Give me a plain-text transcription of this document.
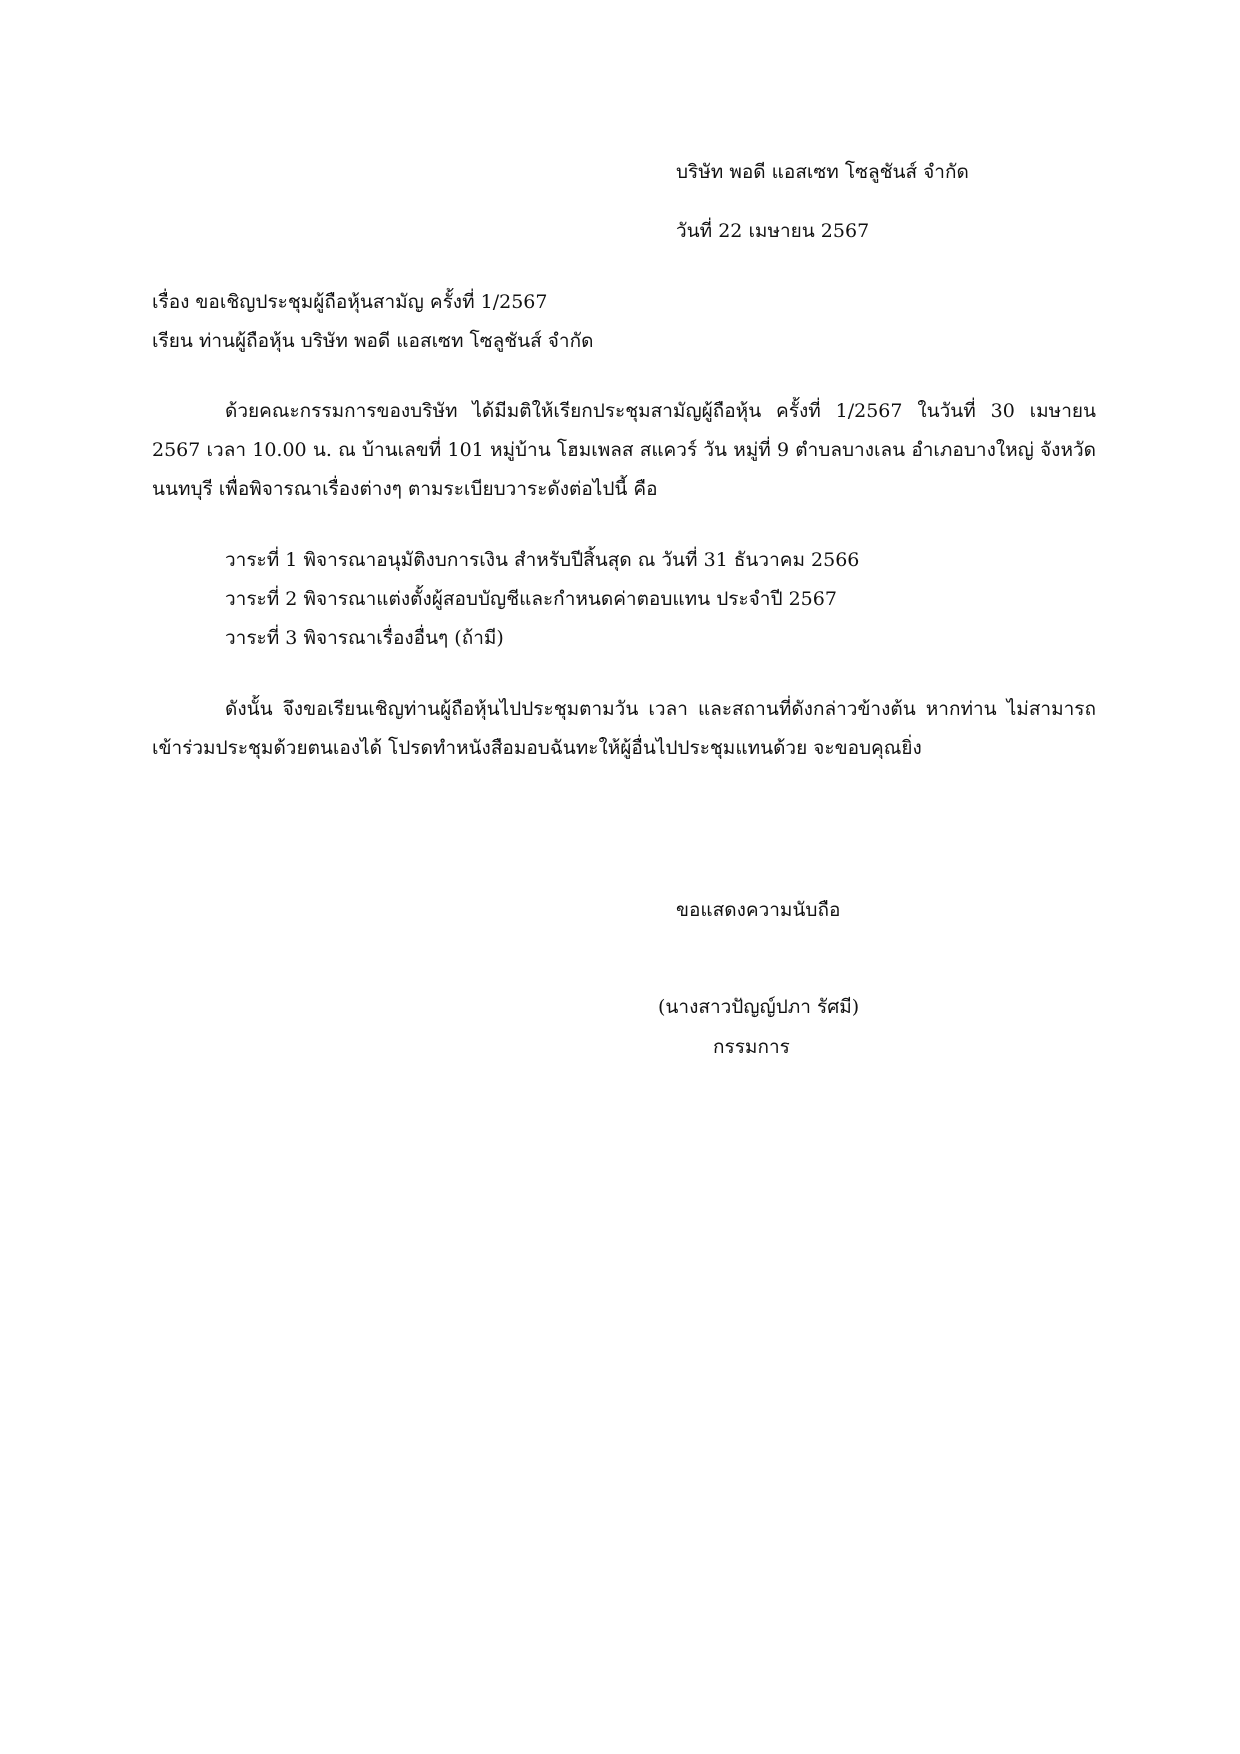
บริษัท พอดี แอสเซท โซลูชันส์ จำกัด
วันที่ 22 เมษายน 2567
เรื่อง ขอเชิญประชุมผู้ถือหุ้นสามัญ ครั้งที่ 1/2567
เรียน ท่านผู้ถือหุ้น บริษัท พอดี แอสเซท โซลูชันส์ จำกัด
ด้วยคณะกรรมการของบริษัท ได้มีมติให้เรียกประชุมสามัญผู้ถือหุ้น ครั้งที่ 1/2567 ในวันที่ 30 เมษายน 2567 เวลา 10.00 น. ณ บ้านเลขที่ 101 หมู่บ้าน โฮมเพลส สแควร์ วัน หมู่ที่ 9 ตำบลบางเลน อำเภอบางใหญ่ จังหวัดนนทบุรี เพื่อพิจารณาเรื่องต่างๆ ตามระเบียบวาระดังต่อไปนี้ คือ
วาระที่ 1 พิจารณาอนุมัติงบการเงิน สำหรับปีสิ้นสุด ณ วันที่ 31 ธันวาคม 2566
วาระที่ 2 พิจารณาแต่งตั้งผู้สอบบัญชีและกำหนดค่าตอบแทน ประจำปี 2567
วาระที่ 3 พิจารณาเรื่องอื่นๆ (ถ้ามี)
ดังนั้น จึงขอเรียนเชิญท่านผู้ถือหุ้นไปประชุมตามวัน เวลา และสถานที่ดังกล่าวข้างต้น หากท่าน ไม่สามารถเข้าร่วมประชุมด้วยตนเองได้ โปรดทำหนังสือมอบฉันทะให้ผู้อื่นไปประชุมแทนด้วย จะขอบคุณยิ่ง
ขอแสดงความนับถือ
(นางสาวปัญญ์ปภา รัศมี)
กรรมการ
